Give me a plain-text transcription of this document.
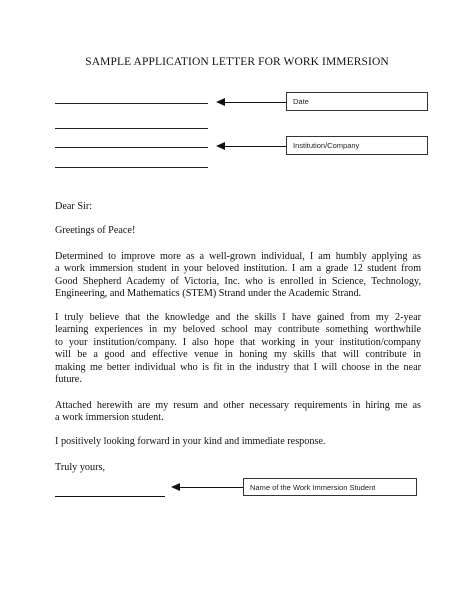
SAMPLE APPLICATION LETTER FOR WORK IMMERSION
Date
Institution/Company
Dear Sir:
Greetings of Peace!
Determined to improve more as a well-grown individual, I am humbly applying as
a work immersion student in your beloved institution. I am a grade 12 student from
Good Shepherd Academy of Victoria, Inc. who is enrolled in Science, Technology,
Engineering, and Mathematics (STEM) Strand under the Academic Strand.
I truly believe that the knowledge and the skills I have gained from my 2-year
learning experiences in my beloved school may contribute something worthwhile
to your institution/company. I also hope that working in your institution/company
will be a good and effective venue in honing my skills that will contribute in
making me better individual who is fit in the industry that I will choose in the near
future.
Attached herewith are my resum and other necessary requirements in hiring me as
a work immersion student.
I positively looking forward in your kind and immediate response.
Truly yours,
Name of the Work Immersion Student
